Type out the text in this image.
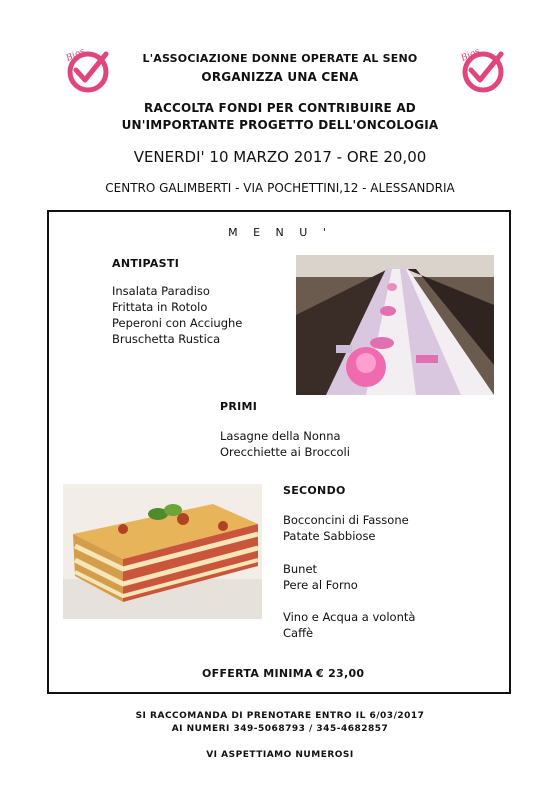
Bios	Bios
L'ASSOCIAZIONE DONNE OPERATE AL SENO
ORGANIZZA UNA CENA
RACCOLTA FONDI PER CONTRIBUIRE AD
UN'IMPORTANTE PROGETTO DELL'ONCOLOGIA
VENERDI' 10 MARZO 2017 - ORE 20,00
CENTRO GALIMBERTI - VIA POCHETTINI,12 - ALESSANDRIA
M E N U '
ANTIPASTI
Insalata Paradiso
Frittata in Rotolo
Peperoni con Acciughe
Bruschetta Rustica
PRIMI
Lasagne della Nonna
Orecchiette ai Broccoli
SECONDO
Bocconcini di Fassone
Patate Sabbiose
Bunet
Pere al Forno
Vino e Acqua a volontà
Caffè
OFFERTA MINIMA € 23,00
SI RACCOMANDA DI PRENOTARE ENTRO IL 6/03/2017
AI NUMERI 349-5068793 / 345-4682857
VI ASPETTIAMO NUMEROSI
